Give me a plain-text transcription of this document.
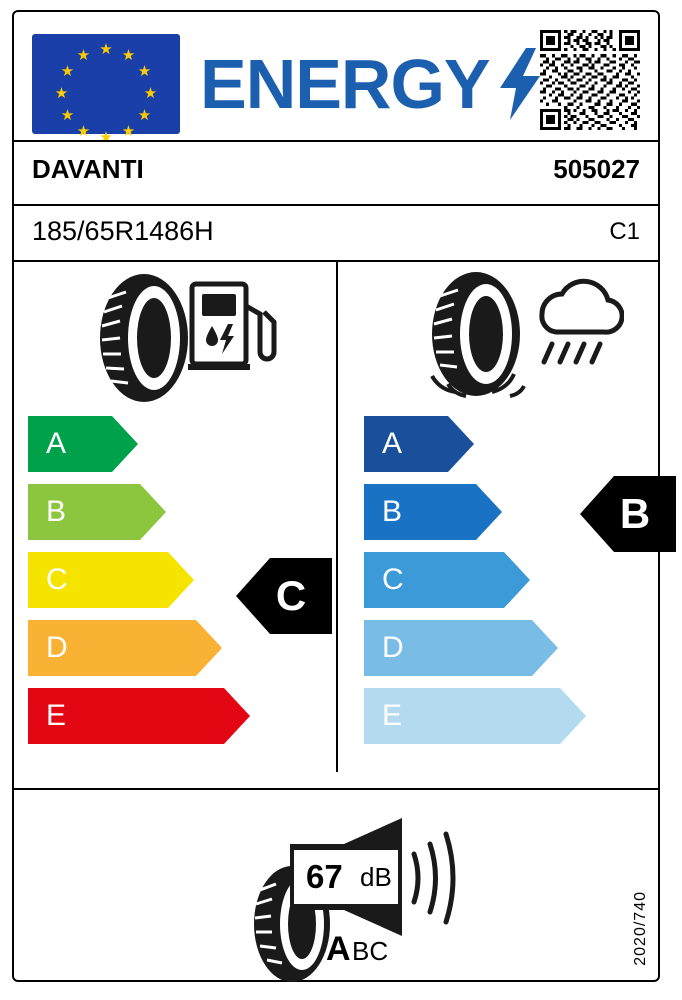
★ ★
★
★
★
★
★
★
★
★
★
★ ENERGY
DAVANTI	505027
185/65R1486H	C1
A
B
C
D
E
A
B
C
D
E
C
B
67 dB
A BC	2020/740
